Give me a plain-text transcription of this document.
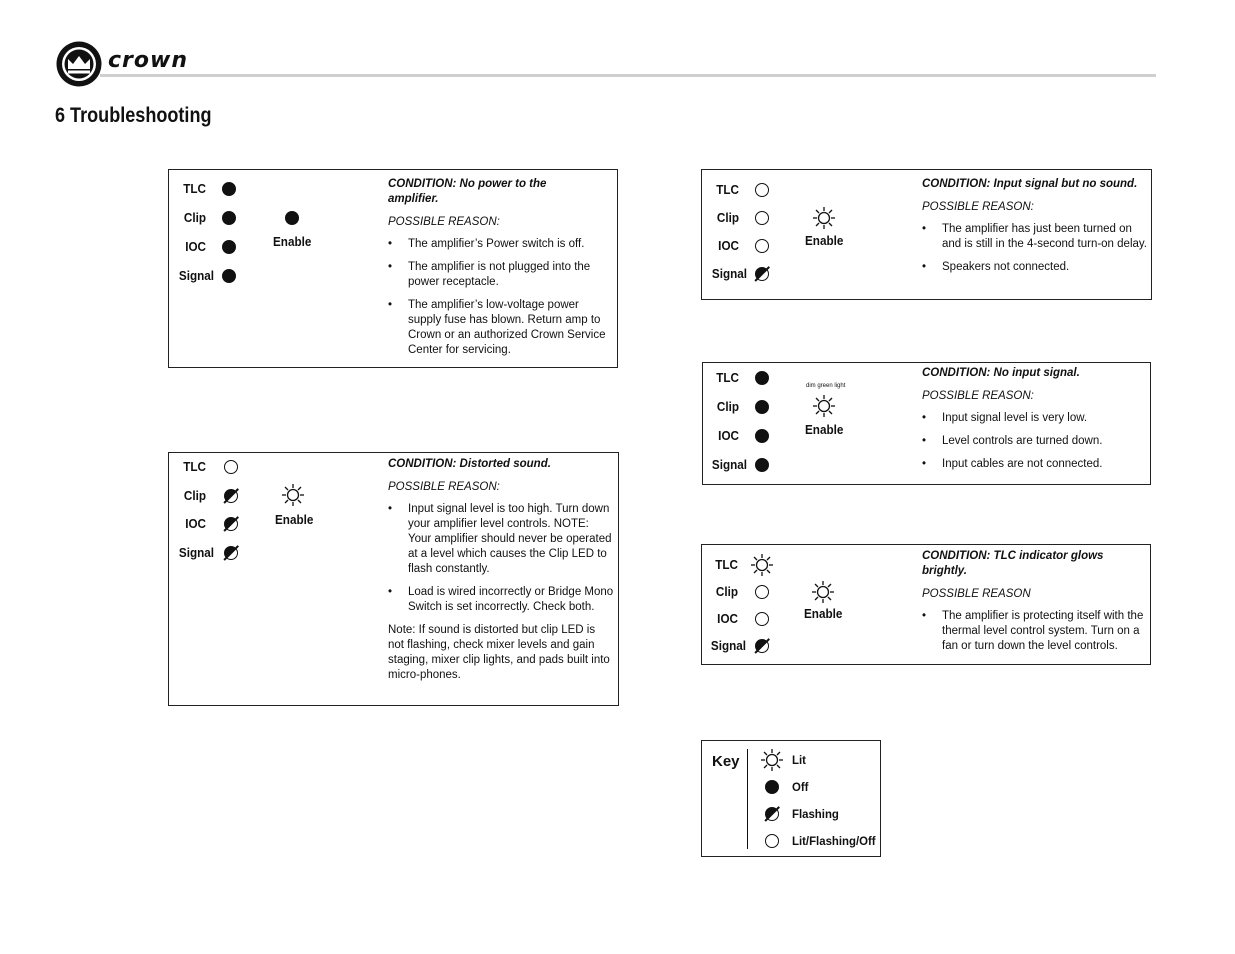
crown
6 Troubleshooting
TLC
Clip
IOC
Signal
Enable

CONDITION: No power to the amplifier.

POSSIBLE REASON:

• The amplifier’s Power switch is off.
• The amplifier is not plugged into the power receptacle.
• The amplifier’s low-voltage power supply fuse has blown. Return amp to Crown or an authorized Crown Service Center for servicing.
TLC
Clip
IOC
Signal
Enable

CONDITION: Distorted sound.

POSSIBLE REASON:

• Input signal level is too high. Turn down your amplifier level controls. NOTE: Your amplifier should never be operated at a level which causes the Clip LED to flash constantly.
• Load is wired incorrectly or Bridge Mono Switch is set incorrectly. Check both.

Note: If sound is distorted but clip LED is not flashing, check mixer levels and gain staging, mixer clip lights, and pads built into micro-phones.

TLC
Clip
IOC
Signal
Enable

CONDITION: Input signal but no sound.

POSSIBLE REASON:

• The amplifier has just been turned on and is still in the 4-second turn-on delay.
• Speakers not connected.
TLC
Clip
IOC
Signal
dim green light
Enable

CONDITION: No input signal.

POSSIBLE REASON:

• Input signal level is very low.
• Level controls are turned down.
• Input cables are not connected.
TLC
Clip
IOC
Signal
Enable

CONDITION: TLC indicator glows brightly.

POSSIBLE REASON

• The amplifier is protecting itself with the thermal level control system. Turn on a fan or turn down the level controls.
Key	Lit
Off
Flashing
Lit/Flashing/Off
